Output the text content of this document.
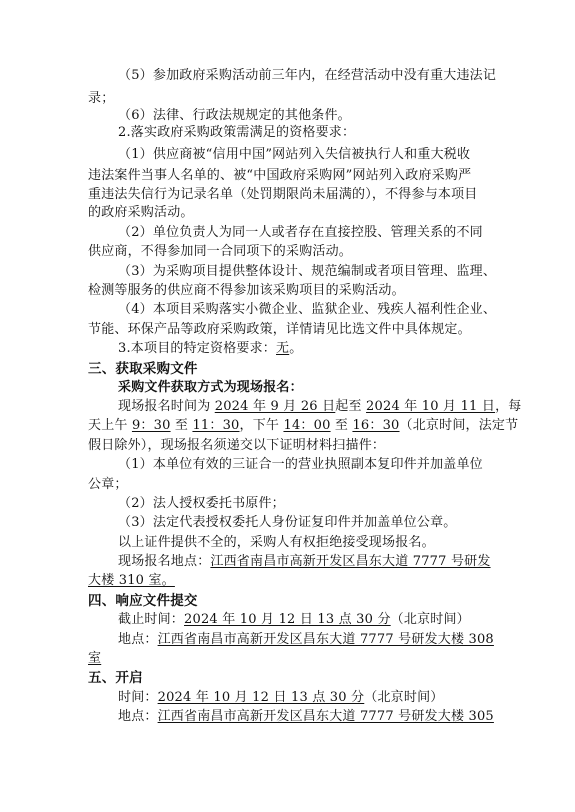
（5）参加政府采购活动前三年内，在经营活动中没有重大违法记
录；
（6）法律、行政法规规定的其他条件。
2.落实政府采购政策需满足的资格要求：
（1）供应商被“信用中国”网站列入失信被执行人和重大税收
违法案件当事人名单的、被“中国政府采购网”网站列入政府采购严
重违法失信行为记录名单（处罚期限尚未届满的），不得参与本项目
的政府采购活动。
（2）单位负责人为同一人或者存在直接控股、管理关系的不同
供应商，不得参加同一合同项下的采购活动。
（3）为采购项目提供整体设计、规范编制或者项目管理、监理、
检测等服务的供应商不得参加该采购项目的采购活动。
（4）本项目采购落实小微企业、监狱企业、残疾人福利性企业、
节能、环保产品等政府采购政策，详情请见比选文件中具体规定。
3.本项目的特定资格要求：无。
三、获取采购文件
采购文件获取方式为现场报名：
现场报名时间为 2024 年 9 月 26 日起至 2024 年 10 月 11 日，每
天上午 9：30 至 11：30，下午 14：00 至 16：30（北京时间，法定节
假日除外），现场报名须递交以下证明材料扫描件：
（1）本单位有效的三证合一的营业执照副本复印件并加盖单位
公章；
（2）法人授权委托书原件；
（3）法定代表授权委托人身份证复印件并加盖单位公章。
以上证件提供不全的，采购人有权拒绝接受现场报名。
现场报名地点：江西省南昌市高新开发区昌东大道 7777 号研发
大楼 310 室。
四、响应文件提交
截止时间：2024 年 10 月 12 日 13 点 30 分（北京时间）
地点：江西省南昌市高新开发区昌东大道 7777 号研发大楼 308
室
五、开启
时间：2024 年 10 月 12 日 13 点 30 分（北京时间）
地点：江西省南昌市高新开发区昌东大道 7777 号研发大楼 305
